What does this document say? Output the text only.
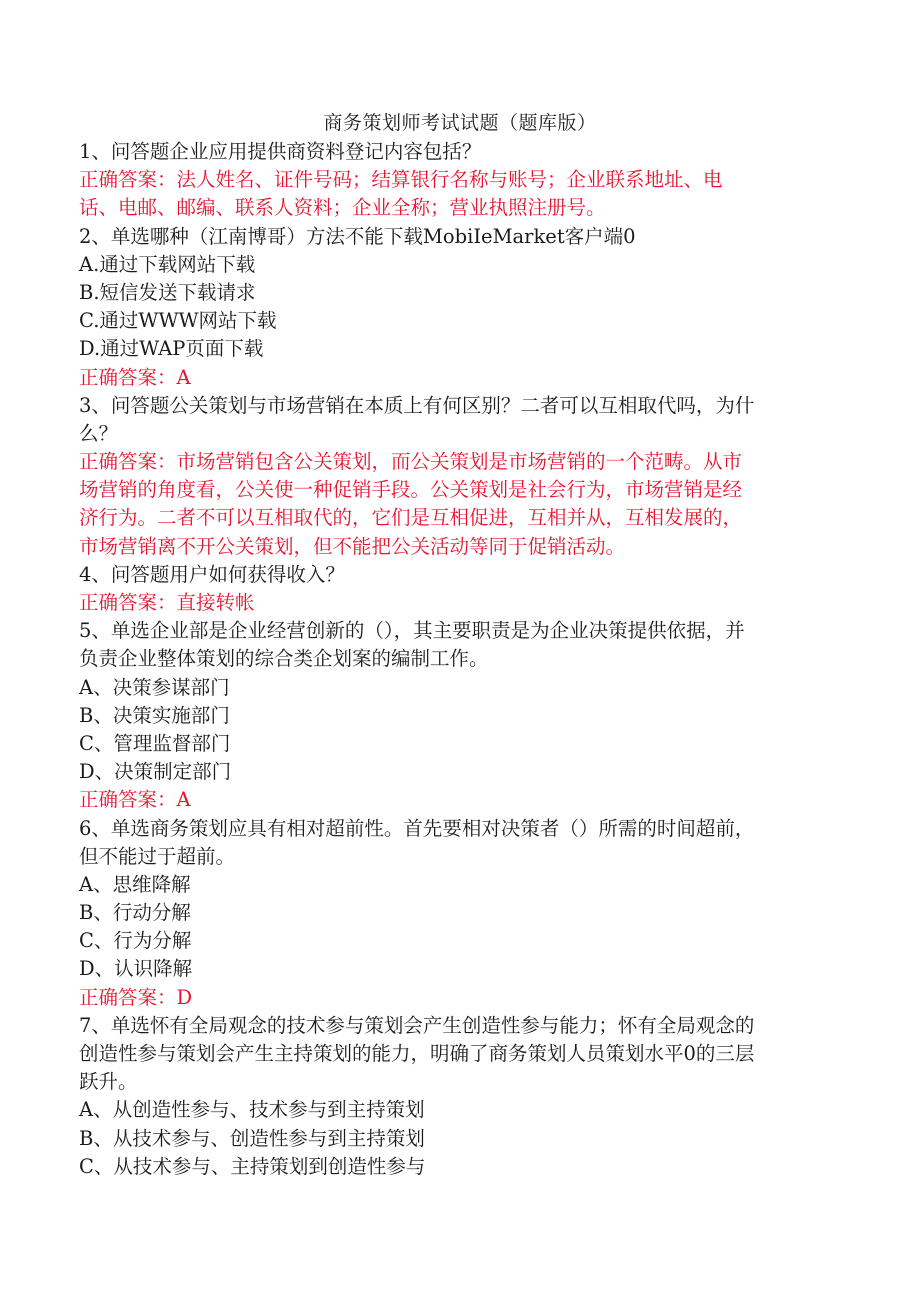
商务策划师考试试题（题库版）
1、问答题企业应用提供商资料登记内容包括？
正确答案：法人姓名、证件号码；结算银行名称与账号；企业联系地址、电
话、电邮、邮编、联系人资料；企业全称；营业执照注册号。
2、单选哪种（江南博哥）方法不能下载MobiIeMarket客户端0
A.通过下载网站下载
B.短信发送下载请求
C.通过WWW网站下载
D.通过WAP页面下载
正确答案：A
3、问答题公关策划与市场营销在本质上有何区别？二者可以互相取代吗，为什
么？
正确答案：市场营销包含公关策划，而公关策划是市场营销的一个范畴。从市
场营销的角度看，公关使一种促销手段。公关策划是社会行为，市场营销是经
济行为。二者不可以互相取代的，它们是互相促进，互相并从，互相发展的，
市场营销离不开公关策划，但不能把公关活动等同于促销活动。
4、问答题用户如何获得收入？
正确答案：直接转帐
5、单选企业部是企业经营创新的（），其主要职责是为企业决策提供依据，并
负责企业整体策划的综合类企划案的编制工作。
A、决策参谋部门
B、决策实施部门
C、管理监督部门
D、决策制定部门
正确答案：A
6、单选商务策划应具有相对超前性。首先要相对决策者（）所需的时间超前，
但不能过于超前。
A、思维降解
B、行动分解
C、行为分解
D、认识降解
正确答案：D
7、单选怀有全局观念的技术参与策划会产生创造性参与能力；怀有全局观念的
创造性参与策划会产生主持策划的能力，明确了商务策划人员策划水平0的三层
跃升。
A、从创造性参与、技术参与到主持策划
B、从技术参与、创造性参与到主持策划
C、从技术参与、主持策划到创造性参与
